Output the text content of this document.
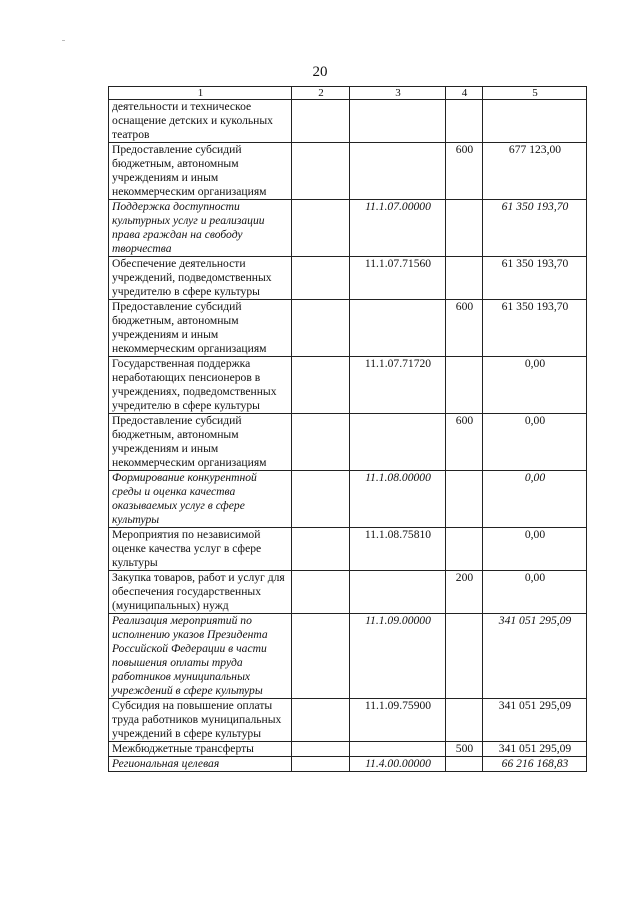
20
1	2	3	4	5
деятельности и техническое оснащение детских и кукольных театров				
Предоставление субсидий бюджетным, автономным учреждениям и иным некоммерческим организациям			600	677 123,00
Поддержка доступности культурных услуг и реализации права граждан на свободу творчества		11.1.07.00000		61 350 193,70
Обеспечение деятельности учреждений, подведомственных учредителю в сфере культуры		11.1.07.71560		61 350 193,70
Предоставление субсидий бюджетным, автономным учреждениям и иным некоммерческим организациям			600	61 350 193,70
Государственная поддержка неработающих пенсионеров в учреждениях, подведомственных учредителю в сфере культуры		11.1.07.71720		0,00
Предоставление субсидий бюджетным, автономным учреждениям и иным некоммерческим организациям			600	0,00
Формирование конкурентной среды и оценка качества оказываемых услуг в сфере культуры		11.1.08.00000		0,00
Мероприятия по независимой оценке качества услуг в сфере культуры		11.1.08.75810		0,00
Закупка товаров, работ и услуг для обеспечения государственных (муниципальных) нужд			200	0,00
Реализация мероприятий по исполнению указов Президента Российской Федерации в части повышения оплаты труда работников муниципальных учреждений в сфере культуры		11.1.09.00000		341 051 295,09
Субсидия на повышение оплаты труда работников муниципальных учреждений в сфере культуры		11.1.09.75900		341 051 295,09
Межбюджетные трансферты			500	341 051 295,09
Региональная целевая		11.4.00.00000		66 216 168,83
